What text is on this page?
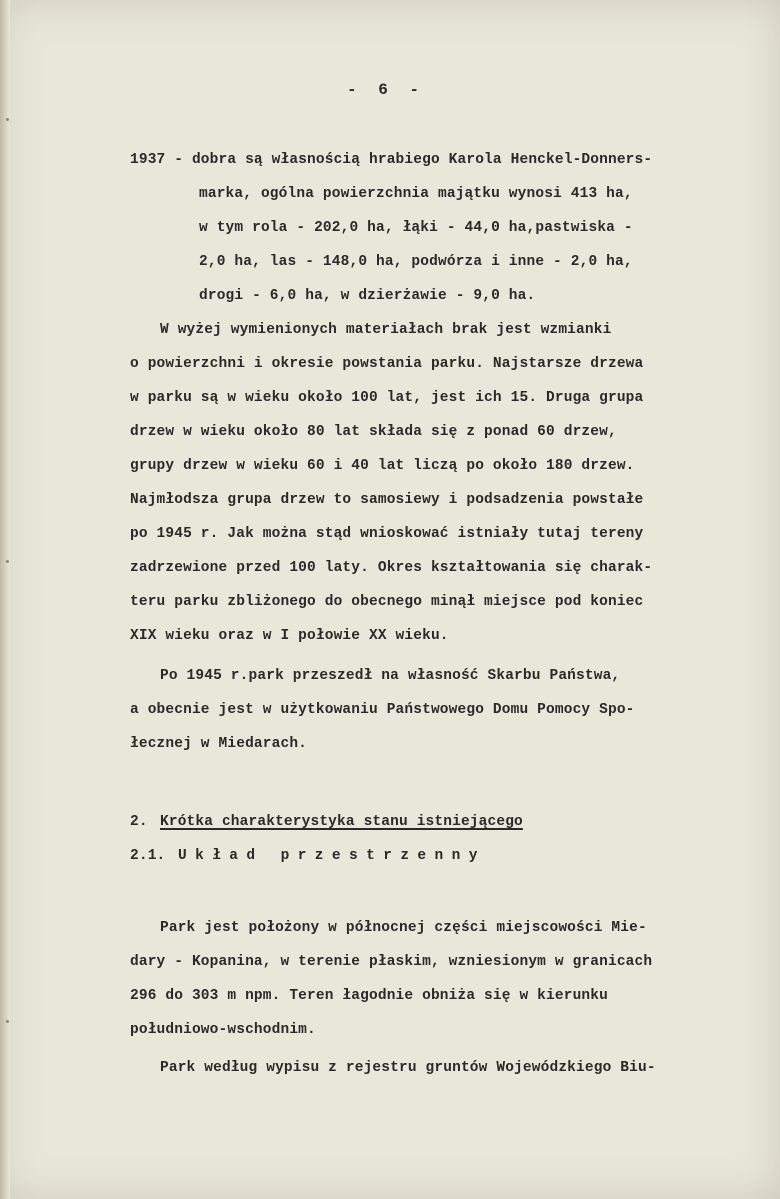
- 6 -
1937 - dobra są własnością hrabiego Karola Henckel-Donners-
marka, ogólna powierzchnia majątku wynosi 413 ha,
w tym rola - 202,0 ha, łąki - 44,0 ha,pastwiska -
2,0 ha, las - 148,0 ha, podwórza i inne - 2,0 ha,
drogi - 6,0 ha, w dzierżawie - 9,0 ha.
W wyżej wymienionych materiałach brak jest wzmianki
o powierzchni i okresie powstania parku. Najstarsze drzewa
w parku są w wieku około 100 lat, jest ich 15. Druga grupa
drzew w wieku około 80 lat składa się z ponad 60 drzew,
grupy drzew w wieku 60 i 40 lat liczą po około 180 drzew.
Najmłodsza grupa drzew to samosiewy i podsadzenia powstałe
po 1945 r. Jak można stąd wnioskować istniały tutaj tereny
zadrzewione przed 100 laty. Okres kształtowania się charak-
teru parku zbliżonego do obecnego minął miejsce pod koniec
XIX wieku oraz w I połowie XX wieku.
Po 1945 r.park przeszedł na własność Skarbu Państwa,
a obecnie jest w użytkowaniu Państwowego Domu Pomocy Spo-
łecznej w Miedarach.
2. Krótka charakterystyka stanu istniejącego
2.1. Układ przestrzenny
Park jest położony w północnej części miejscowości Mie-
dary - Kopanina, w terenie płaskim, wzniesionym w granicach
296 do 303 m npm. Teren łagodnie obniża się w kierunku
południowo-wschodnim.
Park według wypisu z rejestru gruntów Wojewódzkiego Biu-
